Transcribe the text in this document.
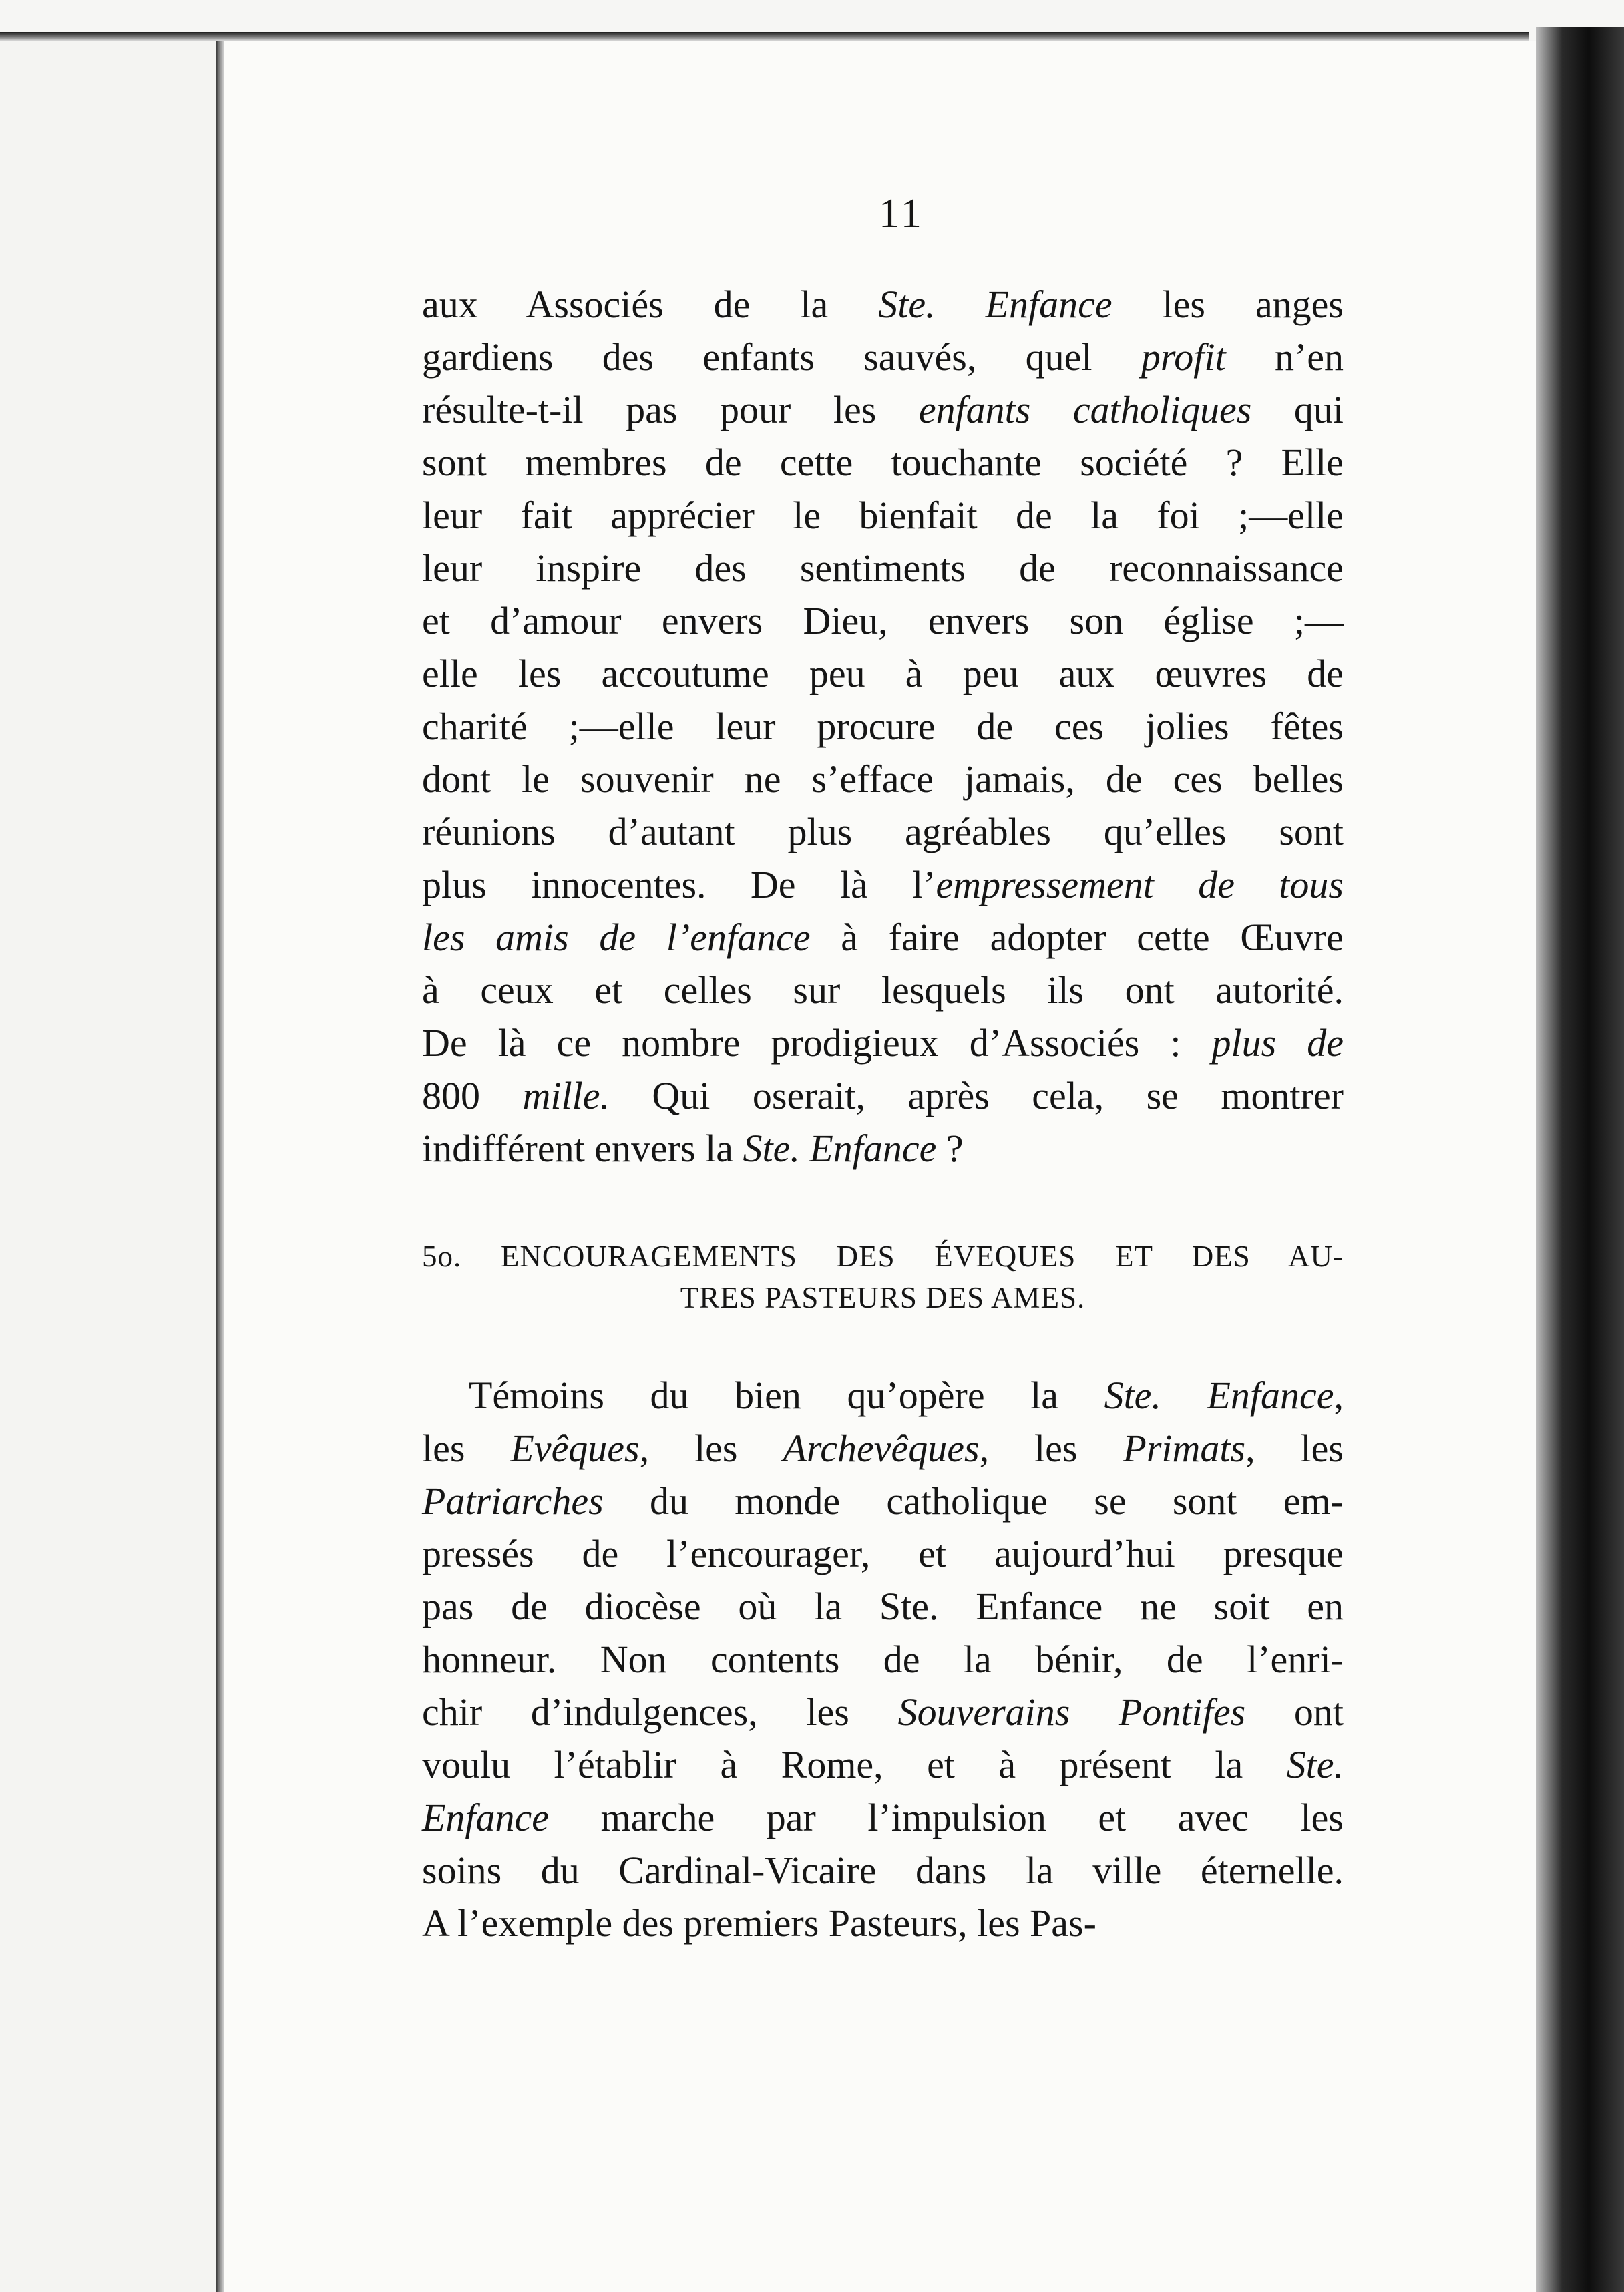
11
aux Associés de la Ste. Enfance les anges
gardiens des enfants sauvés, quel profit n’en
résulte-t-il pas pour les enfants catholiques qui
sont membres de cette touchante société ? Elle
leur fait apprécier le bienfait de la foi ;—elle
leur inspire des sentiments de reconnaissance
et d’amour envers Dieu, envers son église ;—
elle les accoutume peu à peu aux œuvres de
charité ;—elle leur procure de ces jolies fêtes
dont le souvenir ne s’efface jamais, de ces belles
réunions d’autant plus agréables qu’elles sont
plus innocentes. De là l’empressement de tous
les amis de l’enfance à faire adopter cette Œuvre
à ceux et celles sur lesquels ils ont autorité.
De là ce nombre prodigieux d’Associés : plus de
800 mille. Qui oserait, après cela, se montrer
indifférent envers la Ste. Enfance ?
5o. ENCOURAGEMENTS DES ÉVEQUES ET DES AU-
TRES PASTEURS DES AMES.
Témoins du bien qu’opère la Ste. Enfance,
les Evêques, les Archevêques, les Primats, les
Patriarches du monde catholique se sont em-
pressés de l’encourager, et aujourd’hui presque
pas de diocèse où la Ste. Enfance ne soit en
honneur. Non contents de la bénir, de l’enri-
chir d’indulgences, les Souverains Pontifes ont
voulu l’établir à Rome, et à présent la Ste.
Enfance marche par l’impulsion et avec les
soins du Cardinal-Vicaire dans la ville éternelle.
A l’exemple des premiers Pasteurs, les Pas-
